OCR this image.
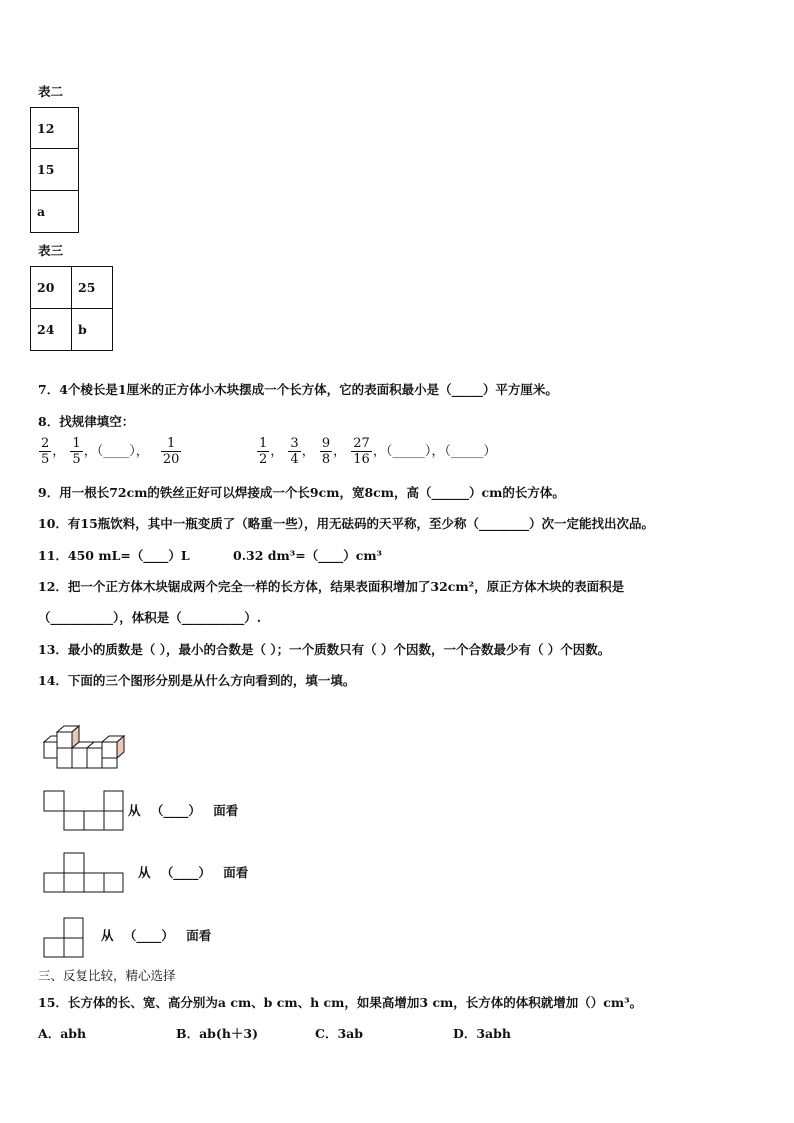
表二
12
15
a
表三
20	25
24	b
7．4个棱长是1厘米的正方体小木块摆成一个长方体，它的表面积最小是（_____）平方厘米。
8．找规律填空：
$\frac{2}{5}$ ， $\frac{1}{5}$ ，（____）， $\frac{1}{20}$	$\frac{1}{2}$ ， $\frac{3}{4}$ ， $\frac{9}{8}$ ， $\frac{27}{16}$ ，（_____），（_____）
9．用一根长72cm的铁丝正好可以焊接成一个长9cm，宽8cm，高（______）cm的长方体。
10．有15瓶饮料，其中一瓶变质了（略重一些），用无砝码的天平称，至少称（________）次一定能找出次品。
11．450 mL=（____）L	0.32 dm³=（____）cm³
12．把一个正方体木块锯成两个完全一样的长方体，结果表面积增加了32cm²，原正方体木块的表面积是
（__________），体积是（__________）.
13．最小的质数是（ ），最小的合数是（ ）；一个质数只有（ ）个因数，一个合数最少有（ ）个因数。
14．下面的三个图形分别是从什么方向看到的，填一填。
从 （____） 面看
从 （____） 面看
从 （____） 面看
三、反复比较，精心选择
15．长方体的长、宽、高分别为a cm、b cm、h cm，如果高增加3 cm，长方体的体积就增加（）cm³。
A．abh	B．ab(h＋3)	C．3ab	D．3abh
